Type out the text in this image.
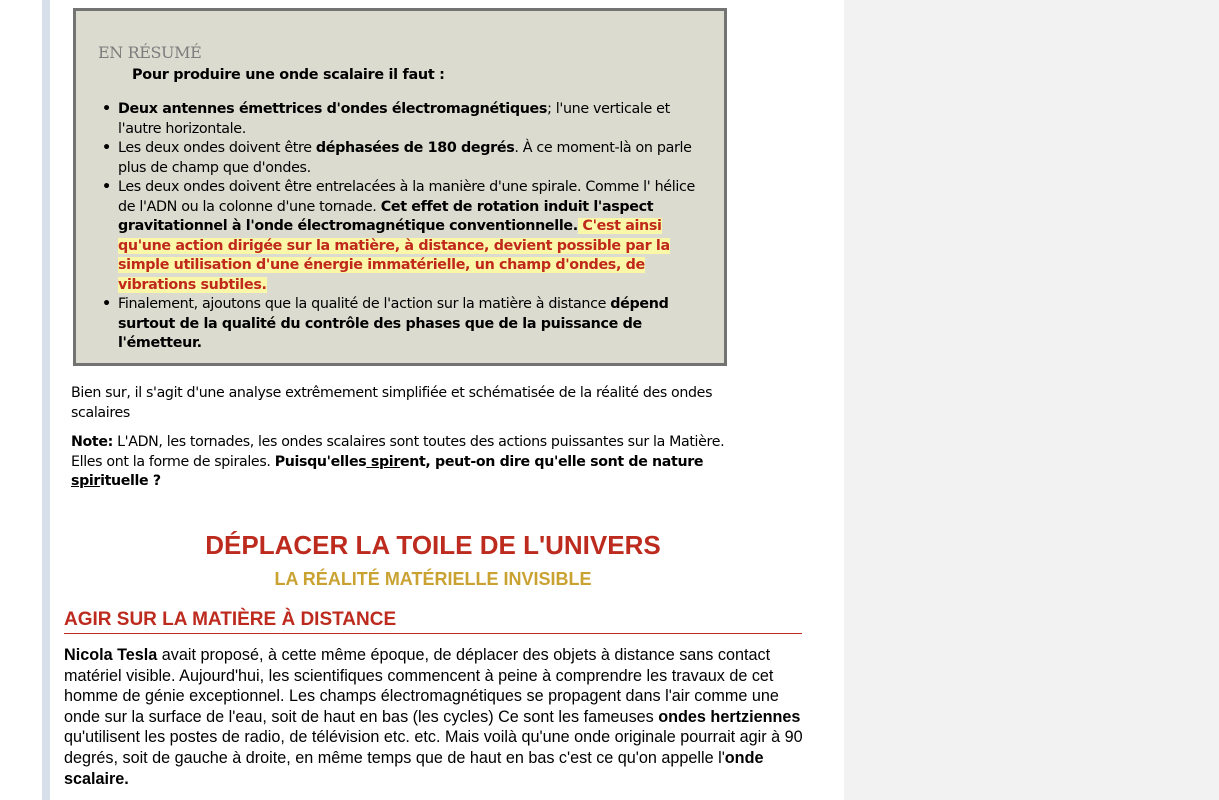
EN RÉSUMÉ
Pour produire une onde scalaire il faut :
• Deux antennes émettrices d'ondes électromagnétiques; l'une verticale et l'autre horizontale.
• Les deux ondes doivent être déphasées de 180 degrés. À ce moment-là on parle plus de champ que d'ondes.
• Les deux ondes doivent être entrelacées à la manière d'une spirale. Comme l' hélice de l'ADN ou la colonne d'une tornade. Cet effet de rotation induit l'aspect gravitationnel à l'onde électromagnétique conventionnelle. C'est ainsi qu'une action dirigée sur la matière, à distance, devient possible par la simple utilisation d'une énergie immatérielle, un champ d'ondes, de vibrations subtiles.
• Finalement, ajoutons que la qualité de l'action sur la matière à distance dépend surtout de la qualité du contrôle des phases que de la puissance de l'émetteur.
Bien sur, il s'agit d'une analyse extrêmement simplifiée et schématisée de la réalité des ondes scalaires
Note: L'ADN, les tornades, les ondes scalaires sont toutes des actions puissantes sur la Matière. Elles ont la forme de spirales. Puisqu'elles spirent, peut-on dire qu'elle sont de nature spirituelle ?
DÉPLACER LA TOILE DE L'UNIVERS
LA RÉALITÉ MATÉRIELLE INVISIBLE
AGIR SUR LA MATIÈRE À DISTANCE
Nicola Tesla avait proposé, à cette même époque, de déplacer des objets à distance sans contact matériel visible. Aujourd'hui, les scientifiques commencent à peine à comprendre les travaux de cet homme de génie exceptionnel. Les champs électromagnétiques se propagent dans l'air comme une onde sur la surface de l'eau, soit de haut en bas (les cycles) Ce sont les fameuses ondes hertziennes qu'utilisent les postes de radio, de télévision etc. etc. Mais voilà qu'une onde originale pourrait agir à 90 degrés, soit de gauche à droite, en même temps que de haut en bas c'est ce qu'on appelle l'onde scalaire.
